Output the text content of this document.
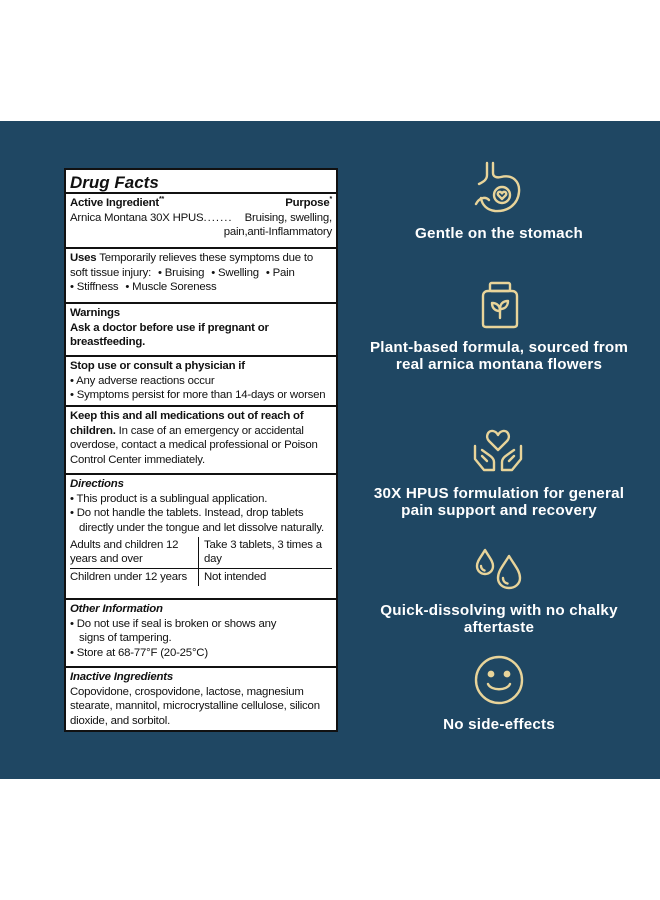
Drug Facts
Active Ingredient**	Purpose*
Arnica Montana 30X HPUS....... Bruising, swelling,
pain,anti-Inflammatory
Uses Temporarily relieves these symptoms due to soft tissue injury: • Bruising • Swelling • Pain
• Stiffness • Muscle Soreness
Warnings
Ask a doctor before use if pregnant or breastfeeding.
Stop use or consult a physician if
• Any adverse reactions occur
• Symptoms persist for more than 14-days or worsen
Keep this and all medications out of reach of children. In case of an emergency or accidental overdose, contact a medical professional or Poison Control Center immediately.
Directions
• This product is a sublingual application.
• Do not handle the tablets. Instead, drop tablets
directly under the tongue and let dissolve naturally.
Adults and children 12 years and over	Take 3 tablets, 3 times a day
Children under 12 years	Not intended
Other Information
• Do not use if seal is broken or shows any
signs of tampering.
• Store at 68-77°F (20-25°C)
Inactive Ingredients
Copovidone, crospovidone, lactose, magnesium stearate, mannitol, microcrystalline cellulose, silicon dioxide, and sorbitol.
Gentle on the stomach
Plant-based formula, sourced from real arnica montana flowers
30X HPUS formulation for general pain support and recovery
Quick-dissolving with no chalky aftertaste
No side-effects
